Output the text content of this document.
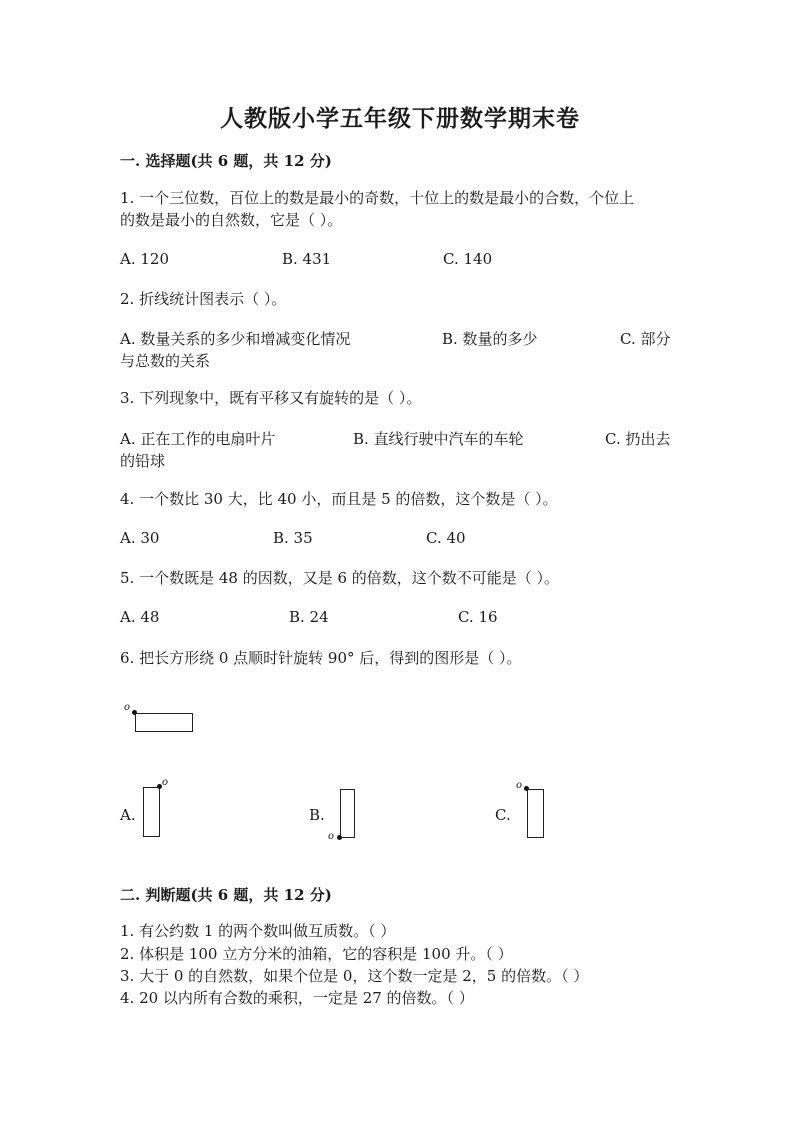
人教版小学五年级下册数学期末卷
一. 选择题(共 6 题，共 12 分)
1. 一个三位数，百位上的数是最小的奇数，十位上的数是最小的合数，个位上
的数是最小的自然数，它是（ ）。
A. 120	B. 431	C. 140
2. 折线统计图表示（ ）。
A. 数量关系的多少和增减变化情况	B. 数量的多少	C. 部分
与总数的关系
3. 下列现象中，既有平移又有旋转的是（ ）。
A. 正在工作的电扇叶片	B. 直线行驶中汽车的车轮	C. 扔出去
的铅球
4. 一个数比 30 大，比 40 小，而且是 5 的倍数，这个数是（ ）。
A. 30	B. 35	C. 40
5. 一个数既是 48 的因数，又是 6 的倍数，这个数不可能是（ ）。
A. 48	B. 24	C. 16
6. 把长方形绕 0 点顺时针旋转 90° 后，得到的图形是（ ）。
o
A.
o
B.
o
C.
o
二. 判断题(共 6 题，共 12 分)
1. 有公约数 1 的两个数叫做互质数。（ ）
2. 体积是 100 立方分米的油箱，它的容积是 100 升。（ ）
3. 大于 0 的自然数，如果个位是 0，这个数一定是 2，5 的倍数。（ ）
4. 20 以内所有合数的乘积，一定是 27 的倍数。（ ）
